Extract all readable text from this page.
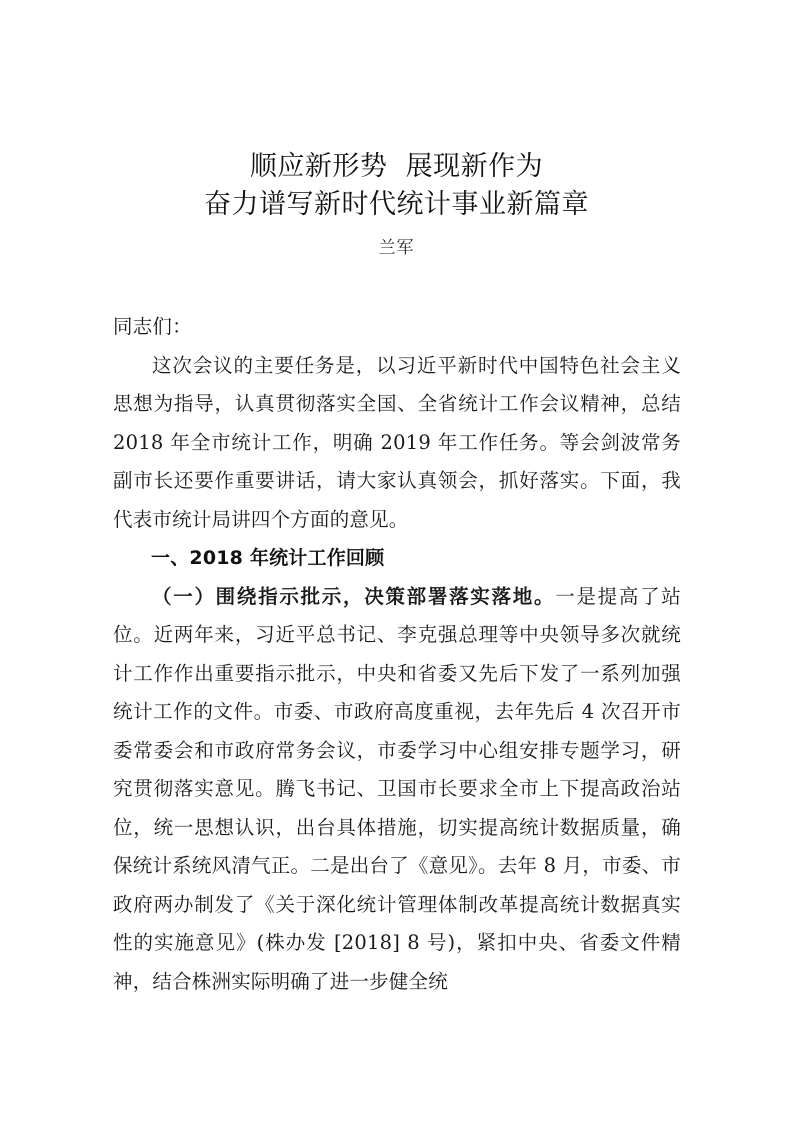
顺应新形势  展现新作为
奋力谱写新时代统计事业新篇章
兰军

同志们：

这次会议的主要任务是，以习近平新时代中国特色社会主义思想为指导，认真贯彻落实全国、全省统计工作会议精神，总结 2018 年全市统计工作，明确 2019 年工作任务。等会剑波常务副市长还要作重要讲话，请大家认真领会，抓好落实。下面，我代表市统计局讲四个方面的意见。

一、2018 年统计工作回顾

（一）围绕指示批示，决策部署落实落地。一是提高了站位。近两年来，习近平总书记、李克强总理等中央领导多次就统计工作作出重要指示批示，中央和省委又先后下发了一系列加强统计工作的文件。市委、市政府高度重视，去年先后 4 次召开市委常委会和市政府常务会议，市委学习中心组安排专题学习，研究贯彻落实意见。腾飞书记、卫国市长要求全市上下提高政治站位，统一思想认识，出台具体措施，切实提高统计数据质量，确保统计系统风清气正。二是出台了《意见》。去年 8 月，市委、市政府两办制发了《关于深化统计管理体制改革提高统计数据真实性的实施意见》(株办发 [2018] 8 号)，紧扣中央、省委文件精神，结合株洲实际明确了进一步健全统
